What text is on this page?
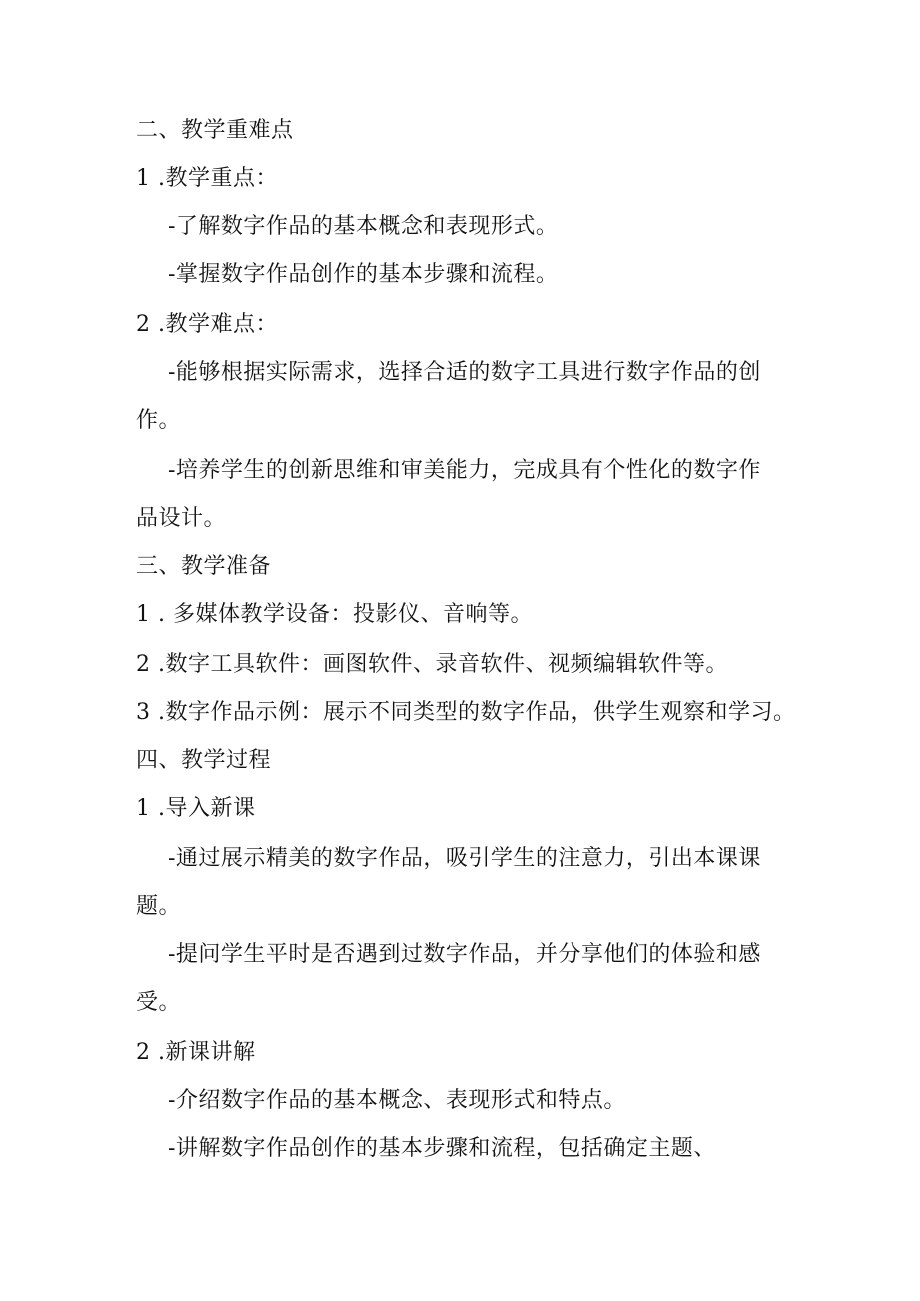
二、教学重难点
1 .教学重点：
-了解数字作品的基本概念和表现形式。
-掌握数字作品创作的基本步骤和流程。
2 .教学难点：
-能够根据实际需求，选择合适的数字工具进行数字作品的创
作。
-培养学生的创新思维和审美能力，完成具有个性化的数字作
品设计。
三、教学准备
1 . 多媒体教学设备：投影仪、音响等。
2 .数字工具软件：画图软件、录音软件、视频编辑软件等。
3 .数字作品示例：展示不同类型的数字作品，供学生观察和学习。
四、教学过程
1 .导入新课
-通过展示精美的数字作品，吸引学生的注意力，引出本课课
题。
-提问学生平时是否遇到过数字作品，并分享他们的体验和感
受。
2 .新课讲解
-介绍数字作品的基本概念、表现形式和特点。
-讲解数字作品创作的基本步骤和流程，包括确定主题、
